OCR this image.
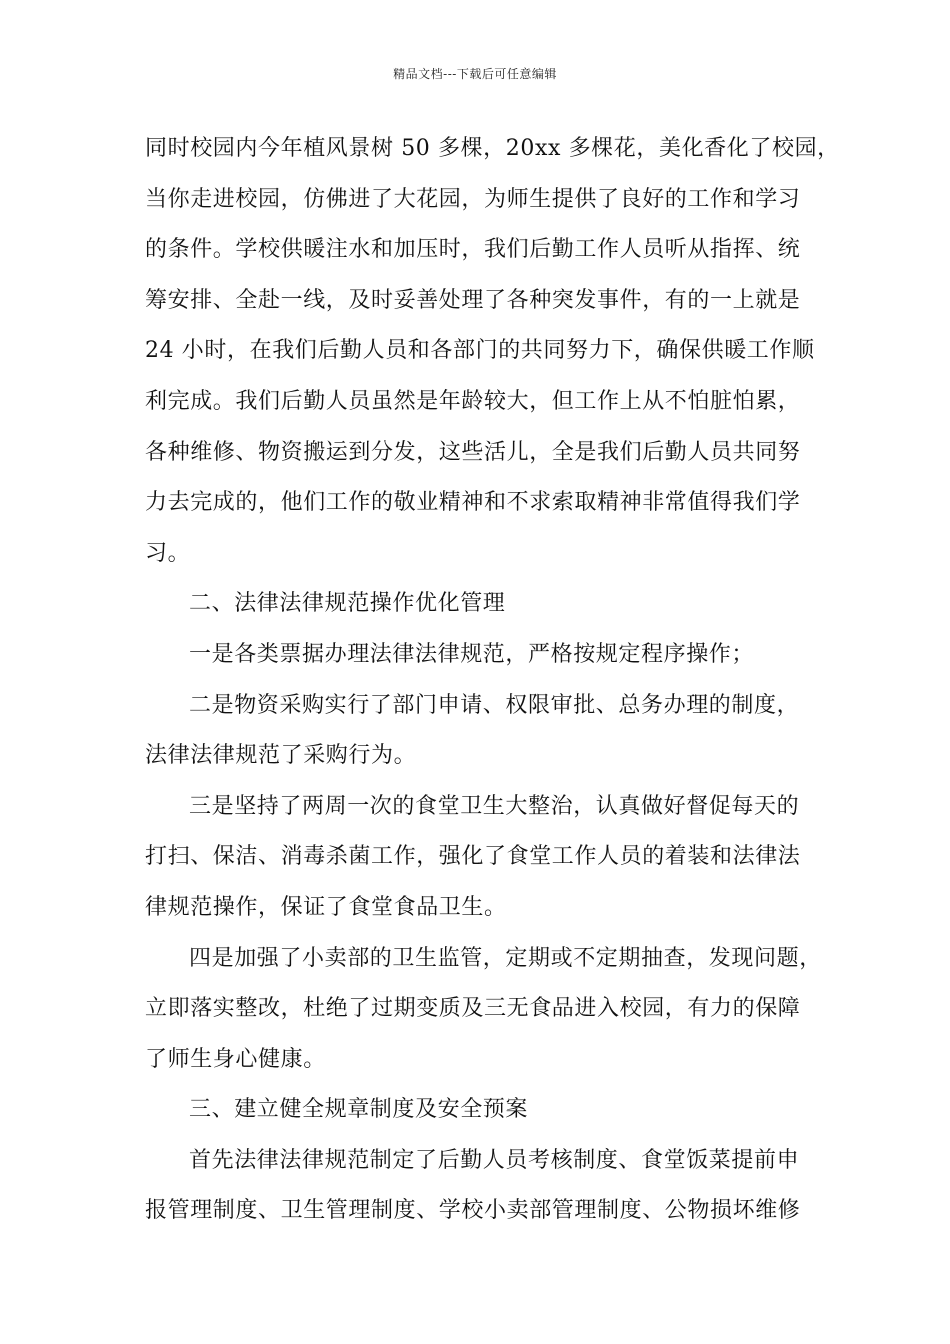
精品文档---下载后可任意编辑
同时校园内今年植风景树 50 多棵，20xx 多棵花，美化香化了校园，
当你走进校园，仿佛进了大花园，为师生提供了良好的工作和学习
的条件。学校供暖注水和加压时，我们后勤工作人员听从指挥、统
筹安排、全赴一线，及时妥善处理了各种突发事件，有的一上就是
24 小时，在我们后勤人员和各部门的共同努力下，确保供暖工作顺
利完成。我们后勤人员虽然是年龄较大，但工作上从不怕脏怕累，
各种维修、物资搬运到分发，这些活儿，全是我们后勤人员共同努
力去完成的，他们工作的敬业精神和不求索取精神非常值得我们学
习。
二、法律法律规范操作优化管理
一是各类票据办理法律法律规范，严格按规定程序操作；
二是物资采购实行了部门申请、权限审批、总务办理的制度，
法律法律规范了采购行为。
三是坚持了两周一次的食堂卫生大整治，认真做好督促每天的
打扫、保洁、消毒杀菌工作，强化了食堂工作人员的着装和法律法
律规范操作，保证了食堂食品卫生。
四是加强了小卖部的卫生监管，定期或不定期抽查，发现问题，
立即落实整改，杜绝了过期变质及三无食品进入校园，有力的保障
了师生身心健康。
三、建立健全规章制度及安全预案
首先法律法律规范制定了后勤人员考核制度、食堂饭菜提前申
报管理制度、卫生管理制度、学校小卖部管理制度、公物损坏维修
